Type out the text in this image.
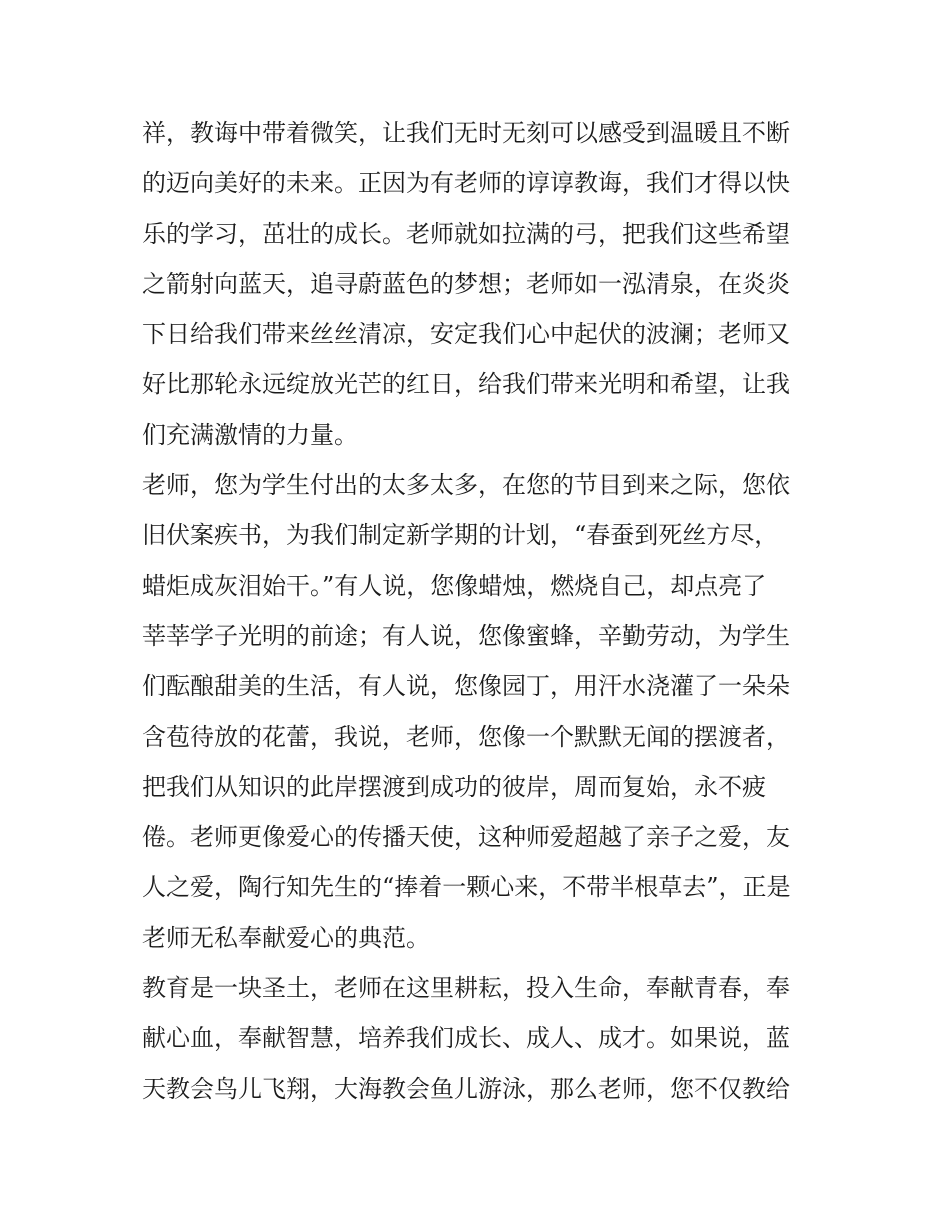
祥，教诲中带着微笑，让我们无时无刻可以感受到温暖且不断
的迈向美好的未来。正因为有老师的谆谆教诲，我们才得以快
乐的学习，茁壮的成长。老师就如拉满的弓，把我们这些希望
之箭射向蓝天，追寻蔚蓝色的梦想；老师如一泓清泉，在炎炎
下日给我们带来丝丝清凉，安定我们心中起伏的波澜；老师又
好比那轮永远绽放光芒的红日，给我们带来光明和希望，让我
们充满激情的力量。
老师，您为学生付出的太多太多，在您的节目到来之际，您依
旧伏案疾书，为我们制定新学期的计划，“春蚕到死丝方尽，
蜡炬成灰泪始干。”有人说，您像蜡烛，燃烧自己，却点亮了
莘莘学子光明的前途；有人说，您像蜜蜂，辛勤劳动，为学生
们酝酿甜美的生活，有人说，您像园丁，用汗水浇灌了一朵朵
含苞待放的花蕾，我说，老师，您像一个默默无闻的摆渡者，
把我们从知识的此岸摆渡到成功的彼岸，周而复始，永不疲
倦。老师更像爱心的传播天使，这种师爱超越了亲子之爱，友
人之爱，陶行知先生的“捧着一颗心来，不带半根草去”，正是
老师无私奉献爱心的典范。
教育是一块圣土，老师在这里耕耘，投入生命，奉献青春，奉
献心血，奉献智慧，培养我们成长、成人、成才。如果说，蓝
天教会鸟儿飞翔，大海教会鱼儿游泳，那么老师，您不仅教给
